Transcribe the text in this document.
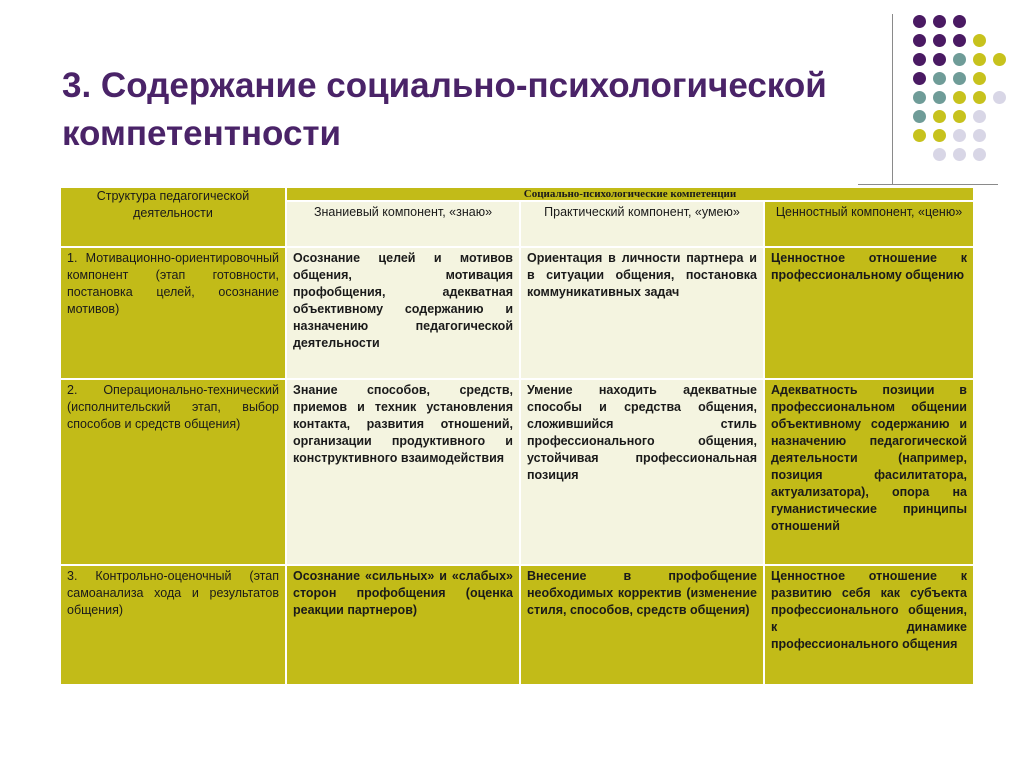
3. Содержание социально-психологической компетентности
Структура педагогической деятельности	Социально-психологические компетенции		
	Знаниевый компонент, «знаю»	Практический компонент, «умею»	Ценностный компонент, «ценю»
1. Мотивационно-ориентировочный компонент (этап готовности, постановка целей, осознание мотивов)	Осознание целей и мотивов общения, мотивация профобщения, адекватная объективному содержанию и назначению педагогической деятельности	Ориентация в личности партнера и в ситуации общения, постановка коммуникативных задач	Ценностное отношение к профессиональному общению
2. Операционально-технический (исполнительский этап, выбор способов и средств общения)	Знание способов, средств, приемов и техник установления контакта, развития отношений, организации продуктивного и конструктивного взаимодействия	Умение находить адекватные способы и средства общения, сложившийся стиль профессионального общения, устойчивая профессиональная позиция	Адекватность позиции в профессиональном общении объективному содержанию и назначению педагогической деятельности (например, позиция фасилитатора, актуализатора), опора на гуманистические принципы отношений
3. Контрольно-оценочный (этап самоанализа хода и результатов общения)	Осознание «сильных» и «слабых» сторон профобщения (оценка реакции партнеров)	Внесение в профобщение необходимых корректив (изменение стиля, способов, средств общения)	Ценностное отношение к развитию себя как субъекта профессионального общения, к динамике профессионального общения
